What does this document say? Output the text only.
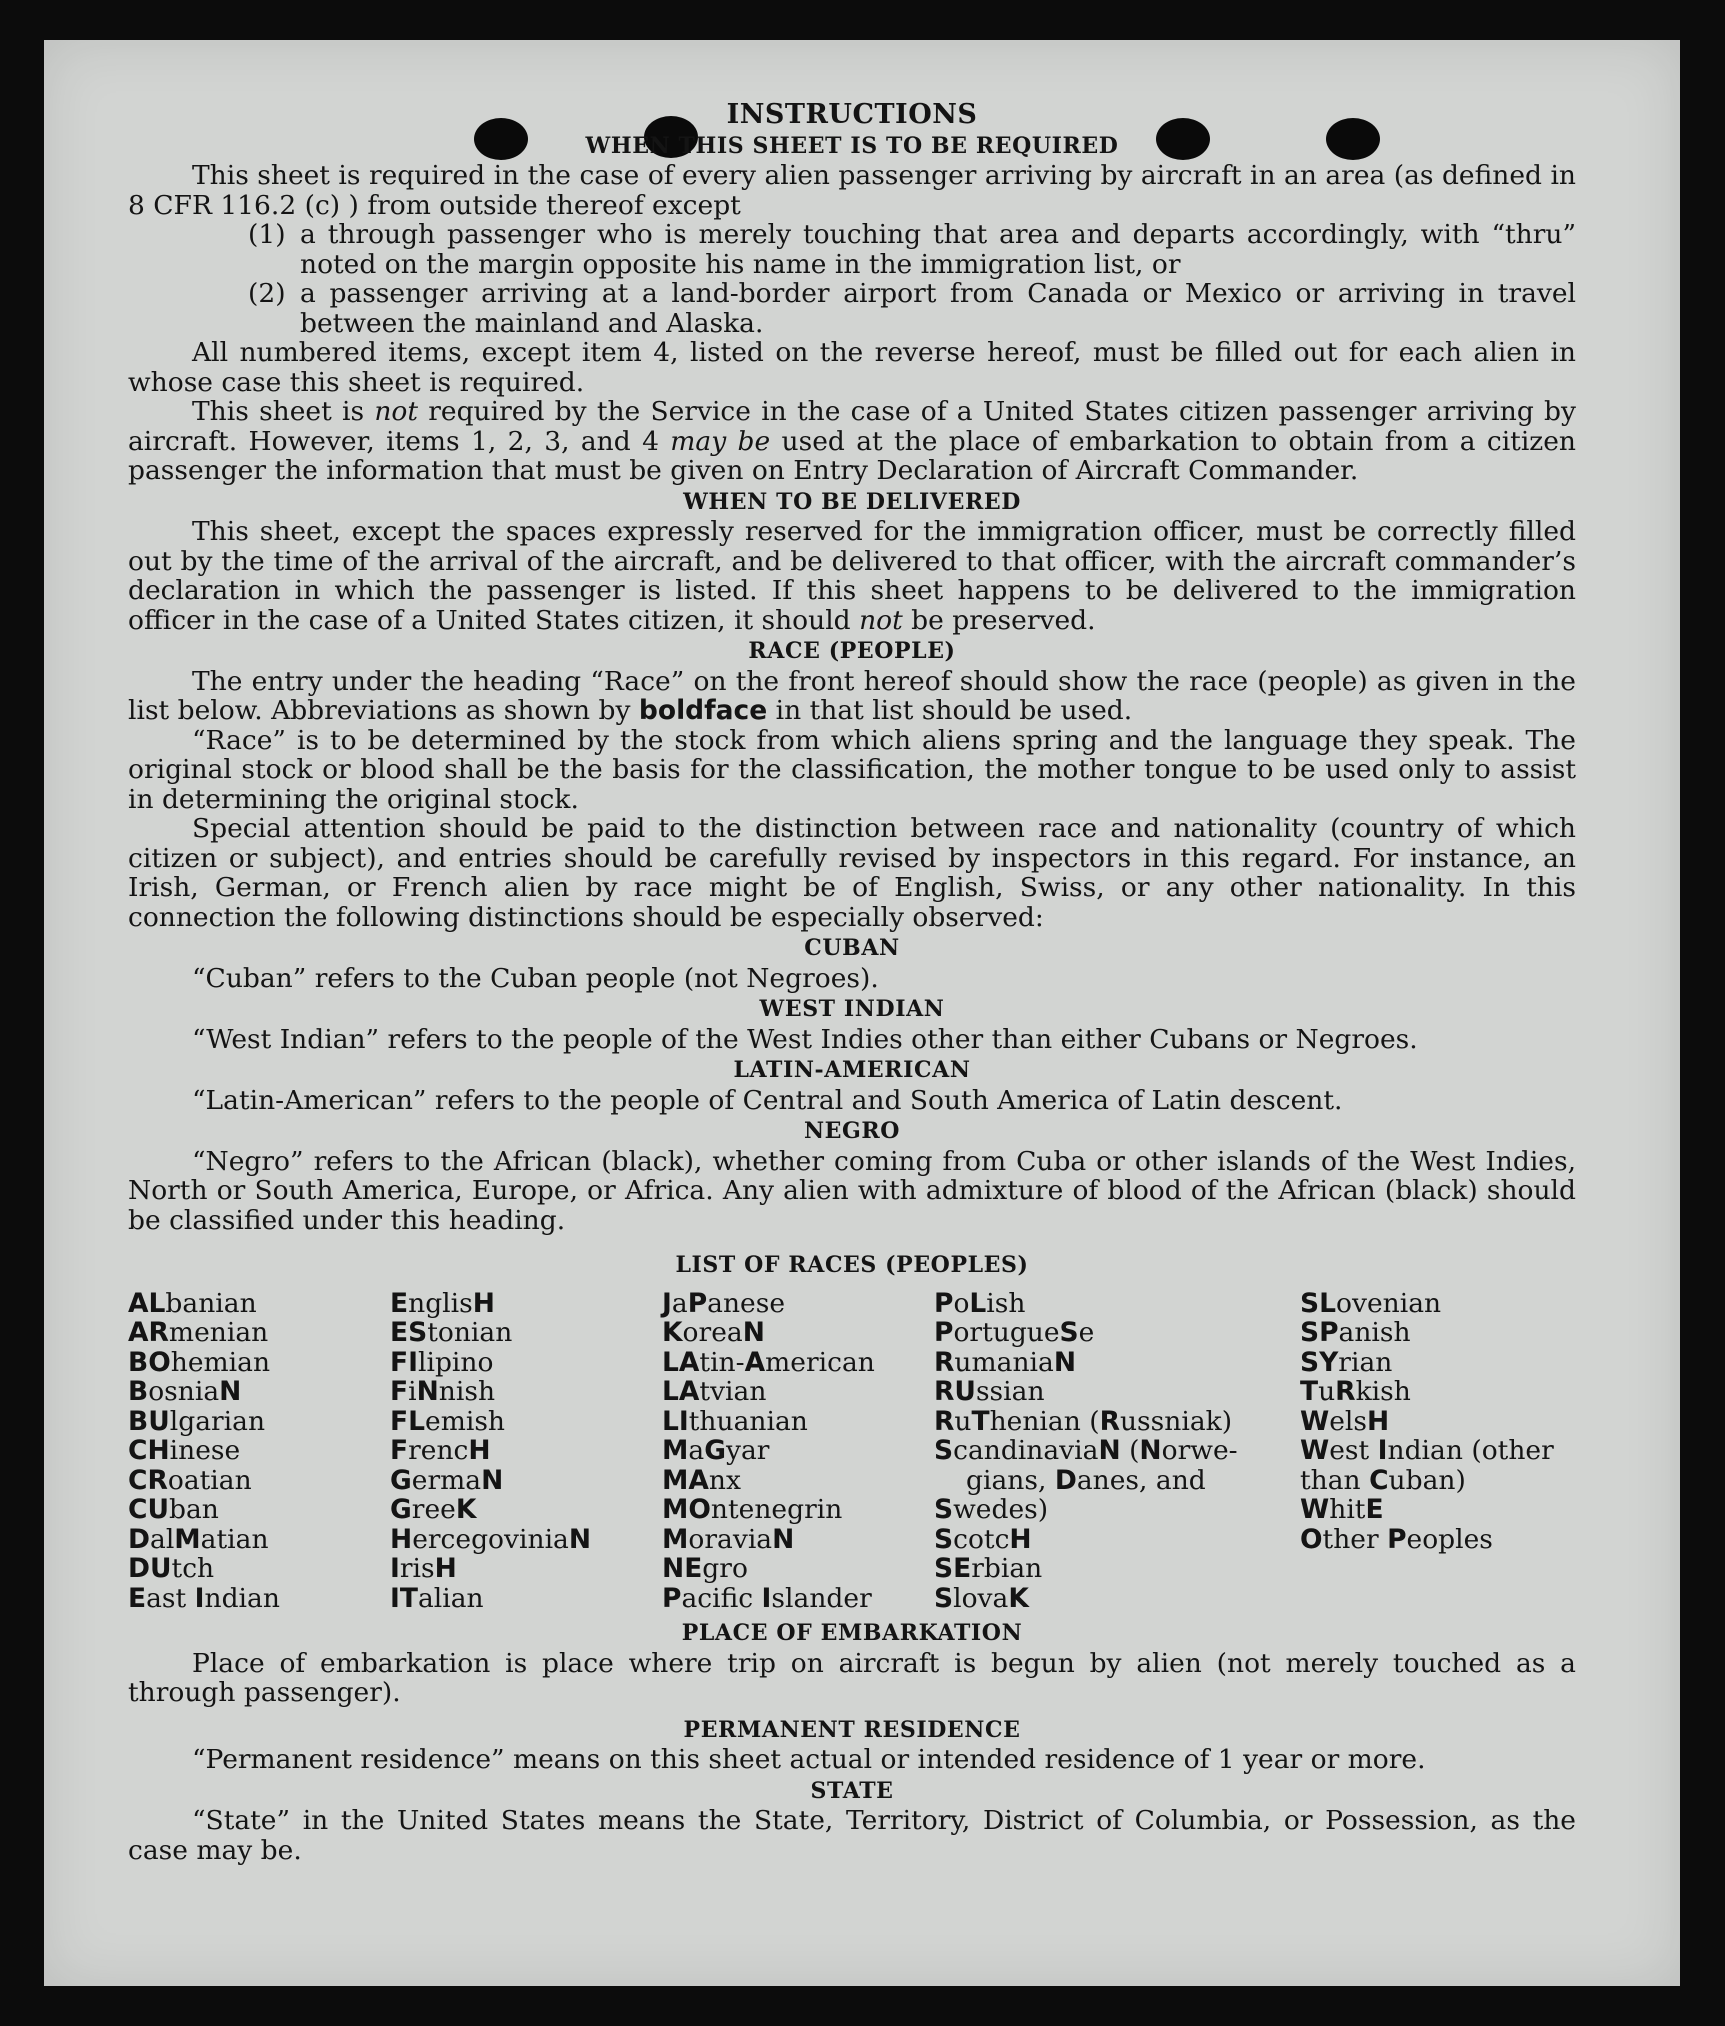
INSTRUCTIONS
WHEN THIS SHEET IS TO BE REQUIRED

This sheet is required in the case of every alien passenger arriving by aircraft in an area (as defined in 8 CFR 116.2 (c) ) from outside thereof except

(1) a through passenger who is merely touching that area and departs accordingly, with “thru” noted on the margin opposite his name in the immigration list, or

(2) a passenger arriving at a land-border airport from Canada or Mexico or arriving in travel between the mainland and Alaska.

All numbered items, except item 4, listed on the reverse hereof, must be filled out for each alien in whose case this sheet is required.

This sheet is not required by the Service in the case of a United States citizen passenger arriving by aircraft. However, items 1, 2, 3, and 4 may be used at the place of embarkation to obtain from a citizen passenger the information that must be given on Entry Declaration of Aircraft Commander.

WHEN TO BE DELIVERED

This sheet, except the spaces expressly reserved for the immigration officer, must be correctly filled out by the time of the arrival of the aircraft, and be delivered to that officer, with the aircraft commander’s declaration in which the passenger is listed. If this sheet happens to be delivered to the immigration officer in the case of a United States citizen, it should not be preserved.

RACE (PEOPLE)

The entry under the heading “Race” on the front hereof should show the race (people) as given in the list below. Abbreviations as shown by boldface in that list should be used.

“Race” is to be determined by the stock from which aliens spring and the language they speak. The original stock or blood shall be the basis for the classification, the mother tongue to be used only to assist in determining the original stock.

Special attention should be paid to the distinction between race and nationality (country of which citizen or subject), and entries should be carefully revised by inspectors in this regard. For instance, an Irish, German, or French alien by race might be of English, Swiss, or any other nationality. In this connection the following distinctions should be especially observed:

CUBAN

“Cuban” refers to the Cuban people (not Negroes).

WEST INDIAN

“West Indian” refers to the people of the West Indies other than either Cubans or Negroes.

LATIN-AMERICAN

“Latin-American” refers to the people of Central and South America of Latin descent.

NEGRO

“Negro” refers to the African (black), whether coming from Cuba or other islands of the West Indies, North or South America, Europe, or Africa. Any alien with admixture of blood of the African (black) should be classified under this heading.

LIST OF RACES (PEOPLES)
ALbanian
ARmenian
BOhemian
BosniaN
BUlgarian
CHinese
CRoatian
CUban
DalMatian
DUtch
East Indian
EnglisH
EStonian
FIlipino
FiNnish
FLemish
FrencH
GermaN
GreeK
HercegoviniaN
IrisH
ITalian
JaPanese
KoreaN
LAtin-American
LAtvian
LIthuanian
MaGyar
MAnx
MOntenegrin
MoraviaN
NEgro
Pacifc Islander
PoLish
PortugueSe
RumaniaN
RUssian
RuThenian (Russniak)
ScandinaviaN (Norwe-
gians, Danes, and
Swedes)
ScotcH
SErbian
SlovaK
SLovenian
SPanish
SYrian
TuRkish
WelsH
West Indian (other
than Cuban)
WhitE
Other Peoples
PLACE OF EMBARKATION

Place of embarkation is place where trip on aircraft is begun by alien (not merely touched as a through passenger).

PERMANENT RESIDENCE

“Permanent residence” means on this sheet actual or intended residence of 1 year or more.

STATE

“State” in the United States means the State, Territory, District of Columbia, or Possession, as the case may be.
